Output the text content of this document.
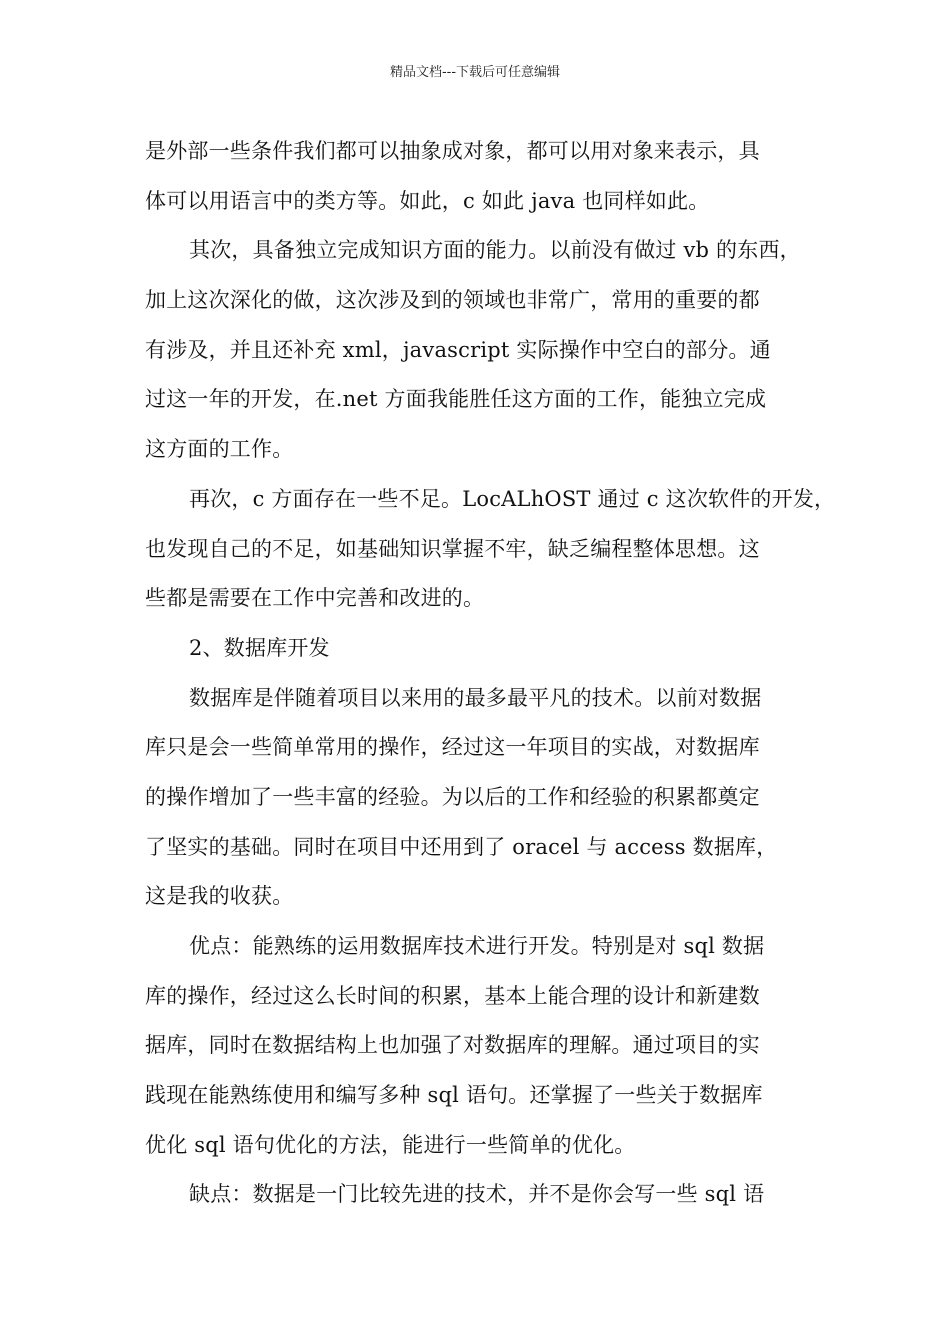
精品文档---下载后可任意编辑
是外部一些条件我们都可以抽象成对象，都可以用对象来表示，具
体可以用语言中的类方等。如此，c 如此 java 也同样如此。
其次，具备独立完成知识方面的能力。以前没有做过 vb 的东西，
加上这次深化的做，这次涉及到的领域也非常广，常用的重要的都
有涉及，并且还补充 xml，javascript 实际操作中空白的部分。通
过这一年的开发，在.net 方面我能胜任这方面的工作，能独立完成
这方面的工作。
再次，c 方面存在一些不足。LocALhOST 通过 c 这次软件的开发，
也发现自己的不足，如基础知识掌握不牢，缺乏编程整体思想。这
些都是需要在工作中完善和改进的。
2、数据库开发
数据库是伴随着项目以来用的最多最平凡的技术。以前对数据
库只是会一些简单常用的操作，经过这一年项目的实战，对数据库
的操作增加了一些丰富的经验。为以后的工作和经验的积累都奠定
了坚实的基础。同时在项目中还用到了 oracel 与 access 数据库，
这是我的收获。
优点：能熟练的运用数据库技术进行开发。特别是对 sql 数据
库的操作，经过这么长时间的积累，基本上能合理的设计和新建数
据库，同时在数据结构上也加强了对数据库的理解。通过项目的实
践现在能熟练使用和编写多种 sql 语句。还掌握了一些关于数据库
优化 sql 语句优化的方法，能进行一些简单的优化。
缺点：数据是一门比较先进的技术，并不是你会写一些 sql 语
